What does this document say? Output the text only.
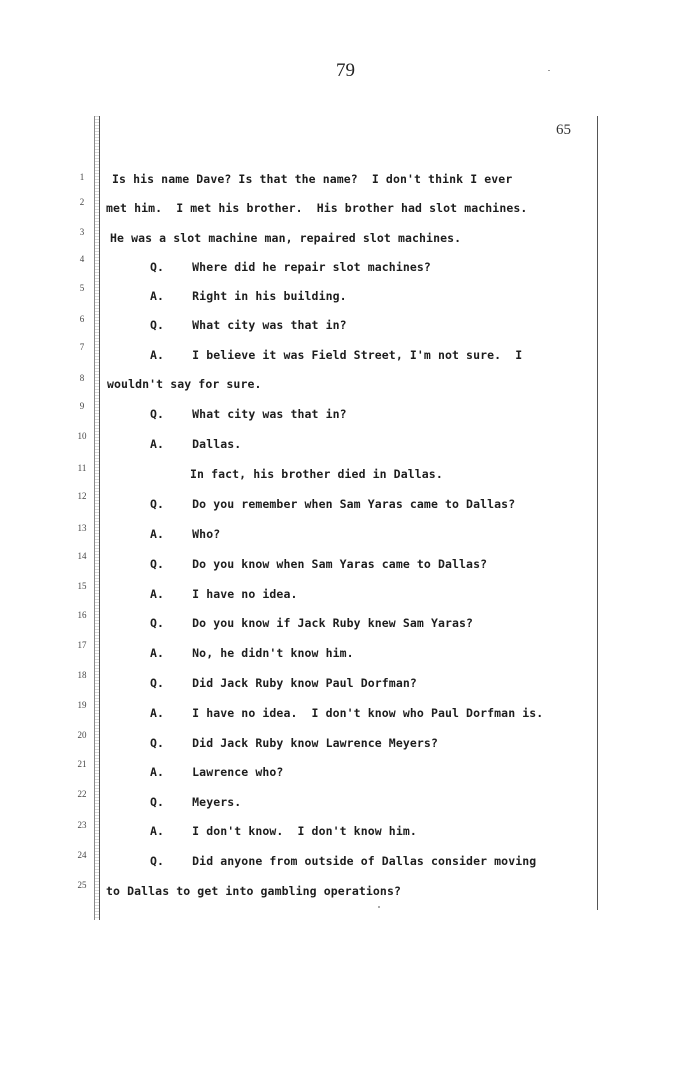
79
65
1	Is his name Dave? Is that the name?  I don't think I ever
2	met him.  I met his brother.  His brother had slot machines.
3	He was a slot machine man, repaired slot machines.
4
Q.    Where did he repair slot machines?
5
A.    Right in his building.
6	Q.    What city was that in?
7
A.    I believe it was Field Street, I'm not sure.  I
8	wouldn't say for sure.
9
Q.    What city was that in?
10
A.    Dallas.
11	In fact, his brother died in Dallas.
12
Q.    Do you remember when Sam Yaras came to Dallas?
13	A.    Who?
14
Q.    Do you know when Sam Yaras came to Dallas?
15
A.    I have no idea.
16
Q.    Do you know if Jack Ruby knew Sam Yaras?
17
A.    No, he didn't know him.
18
Q.    Did Jack Ruby know Paul Dorfman?
19
A.    I have no idea.  I don't know who Paul Dorfman is.
20
Q.    Did Jack Ruby know Lawrence Meyers?
21
A.    Lawrence who?
22
Q.    Meyers.
23	A.    I don't know.  I don't know him.
24	Q.    Did anyone from outside of Dallas consider moving
25	to Dallas to get into gambling operations?
